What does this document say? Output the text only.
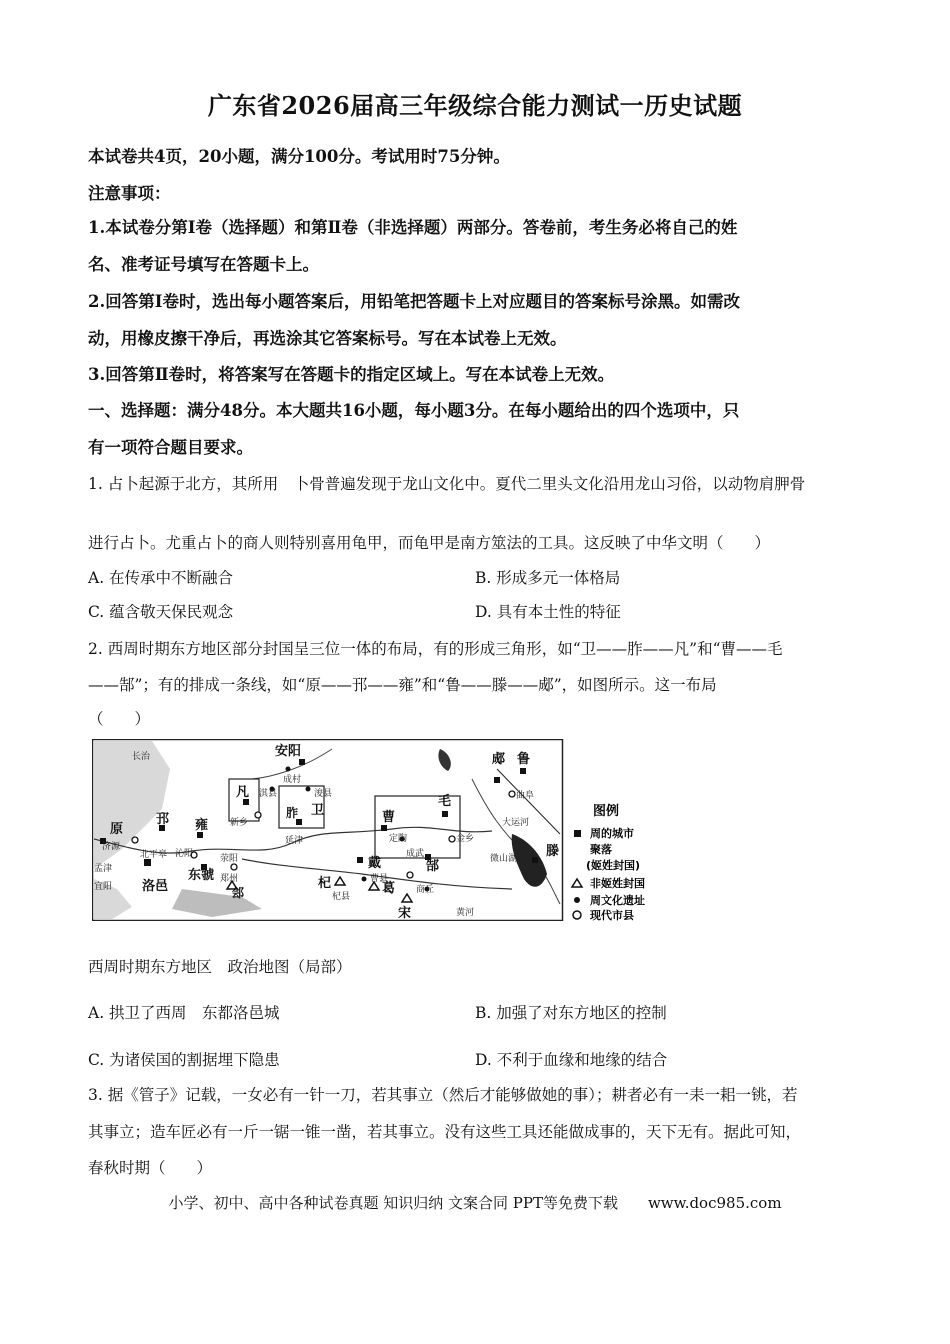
广东省2026届高三年级综合能力测试一历史试题
本试卷共4页，20小题，满分100分。考试用时75分钟。
注意事项：
1.本试卷分第Ⅰ卷（选择题）和第Ⅱ卷（非选择题）两部分。答卷前，考生务必将自己的姓
名、准考证号填写在答题卡上。
2.回答第Ⅰ卷时，选出每小题答案后，用铅笔把答题卡上对应题目的答案标号涂黑。如需改
动，用橡皮擦干净后，再选涂其它答案标号。写在本试卷上无效。
3.回答第Ⅱ卷时，将答案写在答题卡的指定区域上。写在本试卷上无效。
一、选择题：满分48分。本大题共16小题，每小题3分。在每小题给出的四个选项中，只
有一项符合题目要求。
1. 占卜起源于北方，其所用　卜骨普遍发现于龙山文化中。夏代二里头文化沿用龙山习俗，以动物肩胛骨
进行占卜。尤重占卜的商人则特别喜用龟甲，而龟甲是南方筮法的工具。这反映了中华文明（　　）
A. 在传承中不断融合	B. 形成多元一体格局
C. 蕴含敬天保民观念	D. 具有本土性的特征
2. 西周时期东方地区部分封国呈三位一体的布局，有的形成三角形，如“卫——胙——凡”和“曹——毛
——郜”；有的排成一条线，如“原——邘——雍”和“鲁——滕——郕”，如图所示。这一布局
（　　）
安阳
凡
卫
胙
邘 雍
原
洛邑
东虢
曹
毛
郜
戴
葛
杞
宋
郕 鲁
滕
郐
成村
淇县	浚县
新乡
延津
济源
北平皋 沁阳	荥阳
孟津
郑州
定陶
成武
金乡
曹县
杞县
商丘
曲阜
微山湖
宜阳
长治
黄河
大运河
图例
周的城市
聚落
(姬姓封国)
非姬姓封国
周文化遗址
现代市县
西周时期东方地区　政治地图（局部）
A. 拱卫了西周　东都洛邑城	B. 加强了对东方地区的控制
C. 为诸侯国的割据埋下隐患	D. 不利于血缘和地缘的结合
3. 据《管子》记载，一女必有一针一刀，若其事立（然后才能够做她的事）；耕者必有一耒一耜一铫，若
其事立；造车匠必有一斤一锯一锥一凿，若其事立。没有这些工具还能做成事的，天下无有。据此可知，
春秋时期（　　）
小学、初中、高中各种试卷真题 知识归纳 文案合同 PPT等免费下载　　www.doc985.com
